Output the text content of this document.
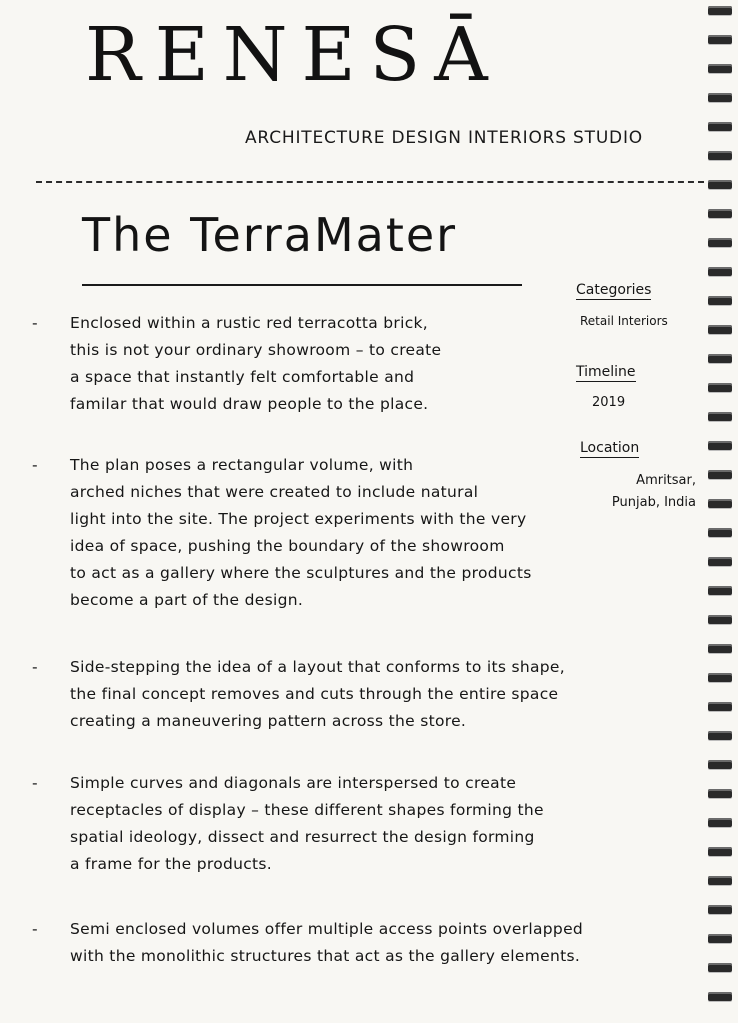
RENESĀ
ARCHITECTURE DESIGN INTERIORS STUDIO
The TerraMater
Categories
Retail Interiors
Timeline
2019
Location
Amritsar,
Punjab, India
- Enclosed within a rustic red terracotta brick,
this is not your ordinary showroom – to create
a space that instantly felt comfortable and
familar that would draw people to the place.
- The plan poses a rectangular volume, with
arched niches that were created to include natural
light into the site. The project experiments with the very
idea of space, pushing the boundary of the showroom
to act as a gallery where the sculptures and the products
become a part of the design.
- Side-stepping the idea of a layout that conforms to its shape,
the final concept removes and cuts through the entire space
creating a maneuvering pattern across the store.
- Simple curves and diagonals are interspersed to create
receptacles of display – these different shapes forming the
spatial ideology, dissect and resurrect the design forming
a frame for the products.
- Semi enclosed volumes offer multiple access points overlapped
with the monolithic structures that act as the gallery elements.
